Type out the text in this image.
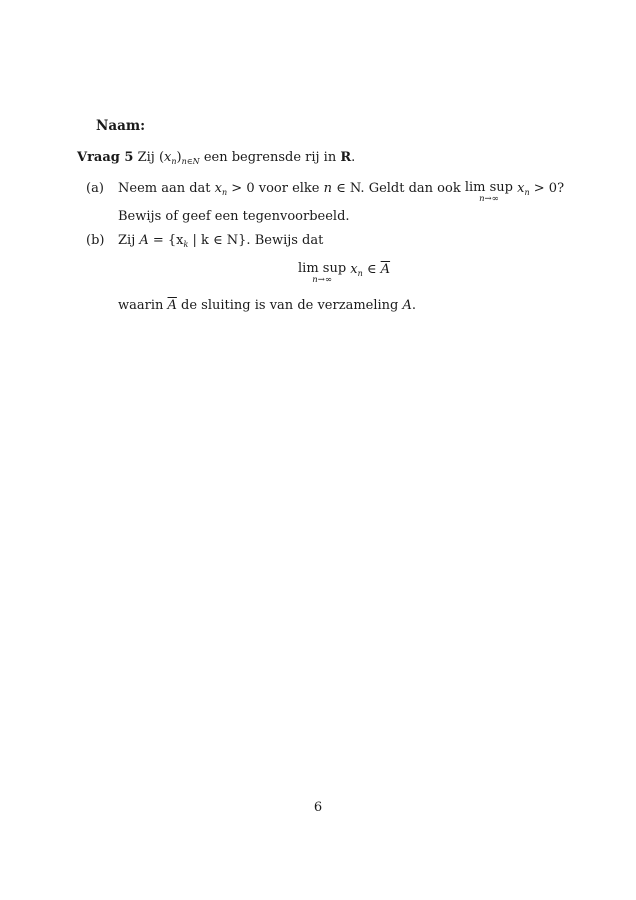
Naam:
Vraag 5 Zij $(x_n)_{n\in N}$ een begrensde rij in R.
(a) Neem aan dat $x_n > 0$ voor elke n ∈ N. Geldt dan ook lim sup
n→∞
$x_n > 0$?
Bewijs of geef een tegenvoorbeeld.
(b) Zij $A = \{x_k$ | k ∈ N}. Bewijs dat
lim sup
n→∞
$x_n$ ∈ $\overline{A}$
waarin $\overline{A}$ de sluiting is van de verzameling A.
6
